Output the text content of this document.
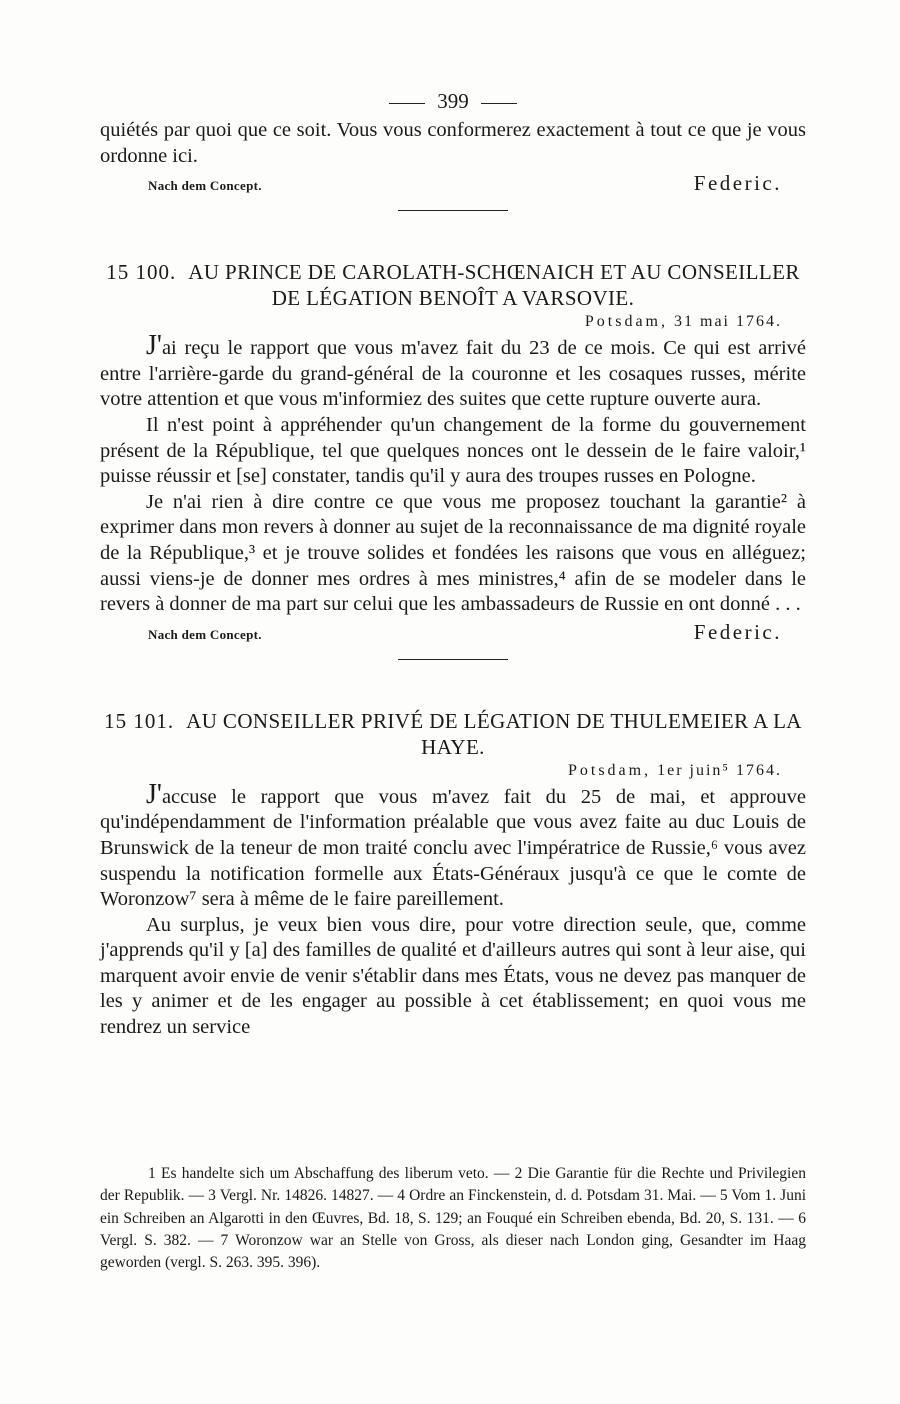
399

quiétés par quoi que ce soit. Vous vous conformerez exactement à tout ce que je vous ordonne ici.

Nach dem Concept.	Federic.
15 100. AU PRINCE DE CAROLATH-SCHŒNAICH ET AU CONSEILLER DE LÉGATION BENOÎT A VARSOVIE.
Potsdam, 31 mai 1764.

J'ai reçu le rapport que vous m'avez fait du 23 de ce mois. Ce qui est arrivé entre l'arrière-garde du grand-général de la couronne et les cosaques russes, mérite votre attention et que vous m'informiez des suites que cette rupture ouverte aura.

Il n'est point à appréhender qu'un changement de la forme du gouvernement présent de la République, tel que quelques nonces ont le dessein de le faire valoir,¹ puisse réussir et [se] constater, tandis qu'il y aura des troupes russes en Pologne.

Je n'ai rien à dire contre ce que vous me proposez touchant la garantie² à exprimer dans mon revers à donner au sujet de la reconnaissance de ma dignité royale de la République,³ et je trouve solides et fondées les raisons que vous en alléguez; aussi viens-je de donner mes ordres à mes ministres,⁴ afin de se modeler dans le revers à donner de ma part sur celui que les ambassadeurs de Russie en ont donné . . .

Nach dem Concept.	Federic.
15 101. AU CONSEILLER PRIVÉ DE LÉGATION DE THULEMEIER A LA HAYE.
Potsdam, 1er juin⁵ 1764.

J'accuse le rapport que vous m'avez fait du 25 de mai, et approuve qu'indépendamment de l'information préalable que vous avez faite au duc Louis de Brunswick de la teneur de mon traité conclu avec l'impératrice de Russie,⁶ vous avez suspendu la notification formelle aux États-Généraux jusqu'à ce que le comte de Woronzow⁷ sera à même de le faire pareillement.

Au surplus, je veux bien vous dire, pour votre direction seule, que, comme j'apprends qu'il y [a] des familles de qualité et d'ailleurs autres qui sont à leur aise, qui marquent avoir envie de venir s'établir dans mes États, vous ne devez pas manquer de les y animer et de les engager au possible à cet établissement; en quoi vous me rendrez un service

1 Es handelte sich um Abschaffung des liberum veto. — 2 Die Garantie für die Rechte und Privilegien der Republik. — 3 Vergl. Nr. 14826. 14827. — 4 Ordre an Finckenstein, d. d. Potsdam 31. Mai. — 5 Vom 1. Juni ein Schreiben an Algarotti in den Œuvres, Bd. 18, S. 129; an Fouqué ein Schreiben ebenda, Bd. 20, S. 131. — 6 Vergl. S. 382. — 7 Woronzow war an Stelle von Gross, als dieser nach London ging, Gesandter im Haag geworden (vergl. S. 263. 395. 396).
